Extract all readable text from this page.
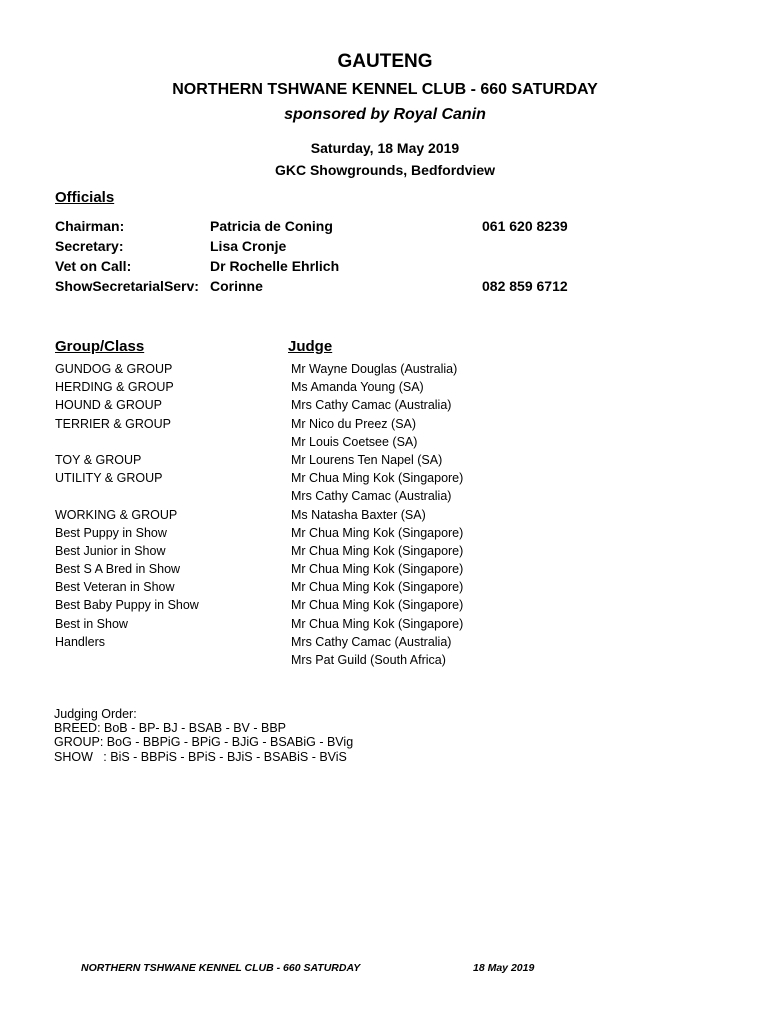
GAUTENG
NORTHERN TSHWANE KENNEL CLUB - 660 SATURDAY
sponsored by Royal Canin
Saturday, 18 May 2019
GKC Showgrounds, Bedfordview
Officials
Chairman:	Patricia de Coning	061 620 8239
Secretary:	Lisa Cronje
Vet on Call:	Dr Rochelle Ehrlich
ShowSecretarialServ: Corinne	082 859 6712
Group/Class	Judge
GUNDOG & GROUP	Mr Wayne Douglas (Australia)
HERDING & GROUP	Ms Amanda Young (SA)
HOUND & GROUP	Mrs Cathy Camac (Australia)
TERRIER & GROUP	Mr Nico du Preez (SA)
Mr Louis Coetsee (SA)
TOY & GROUP	Mr Lourens Ten Napel (SA)
UTILITY & GROUP	Mr Chua Ming Kok (Singapore)
Mrs Cathy Camac (Australia)
WORKING & GROUP	Ms Natasha Baxter (SA)
Best Puppy in Show	Mr Chua Ming Kok (Singapore)
Best Junior in Show	Mr Chua Ming Kok (Singapore)
Best S A Bred in Show	Mr Chua Ming Kok (Singapore)
Best Veteran in Show	Mr Chua Ming Kok (Singapore)
Best Baby Puppy in Show	Mr Chua Ming Kok (Singapore)
Best in Show	Mr Chua Ming Kok (Singapore)
Handlers	Mrs Cathy Camac (Australia)
Mrs Pat Guild (South Africa)
Judging Order:
BREED: BoB - BP- BJ - BSAB - BV - BBP
GROUP: BoG - BBPiG - BPiG - BJiG - BSABiG - BVig
SHOW   : BiS - BBPiS - BPiS - BJiS - BSABiS - BViS
NORTHERN TSHWANE KENNEL CLUB - 660 SATURDAY	18 May 2019
